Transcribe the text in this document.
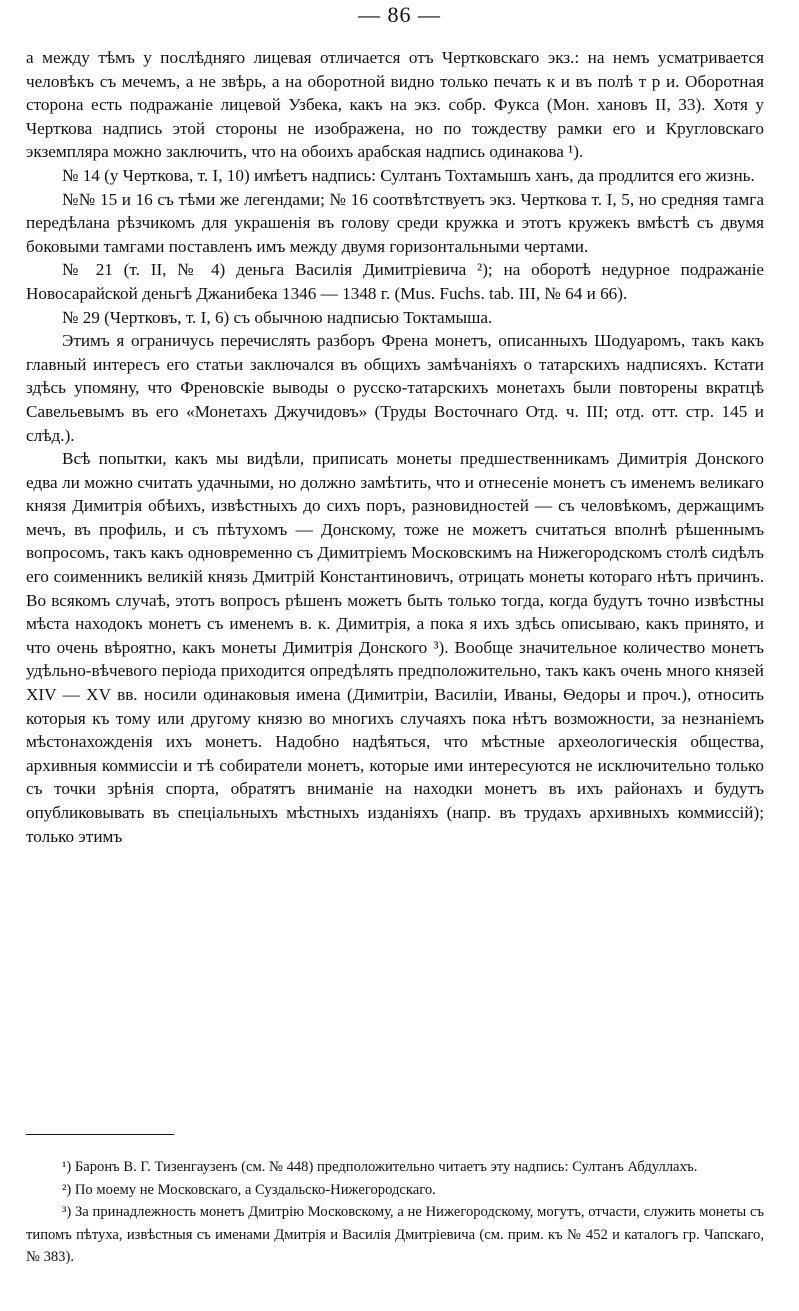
— 86 —

а между тѣмъ у послѣдняго лицевая отличается отъ Чертковскаго экз.: на немъ усматривается человѣкъ съ мечемъ, а не звѣрь, а на оборотной видно только печать к и въ полѣ т р и. Оборотная сторона есть подражаніе лицевой Узбека, какъ на экз. собр. Фукса (Мон. хановъ II, 33). Хотя у Черткова надпись этой стороны не изображена, но по тождеству рамки его и Кругловскаго экземпляра можно заключить, что на обоихъ арабская надпись одинакова ¹).

№ 14 (у Черткова, т. I, 10) имѣетъ надпись: Султанъ Тохтамышъ ханъ, да продлится его жизнь.

№№ 15 и 16 съ тѣми же легендами; № 16 соотвѣтствуетъ экз. Черткова т. I, 5, но средняя тамга передѣлана рѣзчикомъ для украшенія въ голову среди кружка и этотъ кружекъ вмѣстѣ съ двумя боковыми тамгами поставленъ имъ между двумя горизонтальными чертами.

№ 21 (т. II, № 4) деньга Василія Димитріевича ²); на оборотѣ недурное подражаніе Новосарайской деньгѣ Джанибека 1346 — 1348 г. (Mus. Fuchs. tab. III, № 64 и 66).

№ 29 (Чертковъ, т. I, 6) съ обычною надписью Токтамыша.

Этимъ я ограничусь перечислять разборъ Френа монетъ, описанныхъ Шодуаромъ, такъ какъ главный интересъ его статьи заключался въ общихъ замѣчаніяхъ о татарскихъ надписяхъ. Кстати здѣсь упомяну, что Френовскіе выводы о русско-татарскихъ монетахъ были повторены вкратцѣ Савельевымъ въ его «Монетахъ Джучидовъ» (Труды Восточнаго Отд. ч. III; отд. отт. стр. 145 и слѣд.).

Всѣ попытки, какъ мы видѣли, приписать монеты предшественникамъ Димитрія Донского едва ли можно считать удачными, но должно замѣтить, что и отнесеніе монетъ съ именемъ великаго князя Димитрія обѣихъ, извѣстныхъ до сихъ поръ, разновидностей — съ человѣкомъ, держащимъ мечъ, въ профиль, и съ пѣтухомъ — Донскому, тоже не можетъ считаться вполнѣ рѣшеннымъ вопросомъ, такъ какъ одновременно съ Димитріемъ Московскимъ на Нижегородскомъ столѣ сидѣлъ его соименникъ великій князь Дмитрій Константиновичъ, отрицать монеты котораго нѣтъ причинъ. Во всякомъ случаѣ, этотъ вопросъ рѣшенъ можетъ быть только тогда, когда будутъ точно извѣстны мѣста находокъ монетъ съ именемъ в. к. Димитрія, а пока я ихъ здѣсь описываю, какъ принято, и что очень вѣроятно, какъ монеты Димитрія Донского ³). Вообще значительное количество монетъ удѣльно-вѣчевого періода приходится опредѣлять предположительно, такъ какъ очень много князей XIV — XV вв. носили одинаковыя имена (Димитріи, Василіи, Иваны, Ѳедоры и проч.), относить которыя къ тому или другому князю во многихъ случаяхъ пока нѣтъ возможности, за незнаніемъ мѣстонахожденія ихъ монетъ. Надобно надѣяться, что мѣстные археологическія общества, архивныя коммиссіи и тѣ собиратели монетъ, которые ими интересуются не исключительно только съ точки зрѣнія спорта, обратятъ вниманіе на находки монетъ въ ихъ районахъ и будутъ опубликовывать въ спеціальныхъ мѣстныхъ изданіяхъ (напр. въ трудахъ архивныхъ коммиссій); только этимъ

¹) Баронъ В. Г. Тизенгаузенъ (см. № 448) предположительно читаетъ эту надпись: Султанъ Абдуллахъ.

²) По моему не Московскаго, а Суздальско-Нижегородскаго.

³) За принадлежность монетъ Дмитрію Московскому, а не Нижегородскому, могутъ, отчасти, служить монеты съ типомъ пѣтуха, извѣстныя съ именами Дмитрія и Василія Дмитріевича (см. прим. къ № 452 и каталогъ гр. Чапскаго, № 383).
